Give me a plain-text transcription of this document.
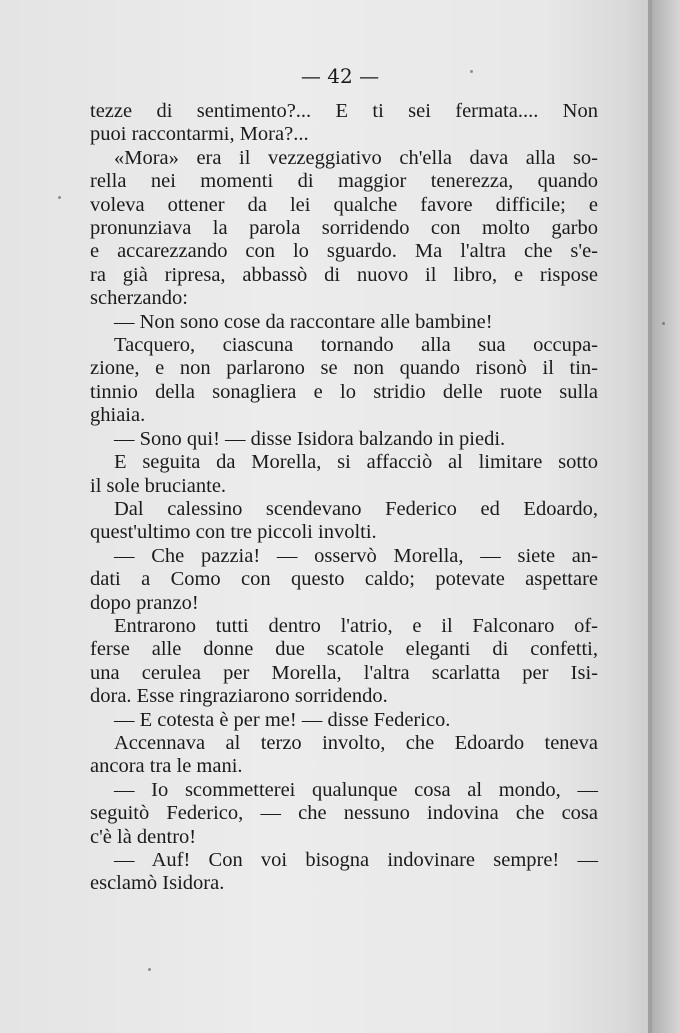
— 42 —
tezze di sentimento?... E ti sei fermata.... Non
puoi raccontarmi, Mora?...
«Mora» era il vezzeggiativo ch'ella dava alla so-
rella nei momenti di maggior tenerezza, quando
voleva ottener da lei qualche favore difficile; e
pronunziava la parola sorridendo con molto garbo
e accarezzando con lo sguardo. Ma l'altra che s'e-
ra già ripresa, abbassò di nuovo il libro, e rispose
scherzando:
— Non sono cose da raccontare alle bambine!
Tacquero, ciascuna tornando alla sua occupa-
zione, e non parlarono se non quando risonò il tin-
tinnio della sonagliera e lo stridio delle ruote sulla
ghiaia.
— Sono qui! — disse Isidora balzando in piedi.
E seguita da Morella, si affacciò al limitare sotto
il sole bruciante.
Dal calessino scendevano Federico ed Edoardo,
quest'ultimo con tre piccoli involti.
— Che pazzia! — osservò Morella, — siete an-
dati a Como con questo caldo; potevate aspettare
dopo pranzo!
Entrarono tutti dentro l'atrio, e il Falconaro of-
ferse alle donne due scatole eleganti di confetti,
una cerulea per Morella, l'altra scarlatta per Isi-
dora. Esse ringraziarono sorridendo.
— E cotesta è per me! — disse Federico.
Accennava al terzo involto, che Edoardo teneva
ancora tra le mani.
— Io scommetterei qualunque cosa al mondo, —
seguitò Federico, — che nessuno indovina che cosa
c'è là dentro!
— Auf! Con voi bisogna indovinare sempre! —
esclamò Isidora.
